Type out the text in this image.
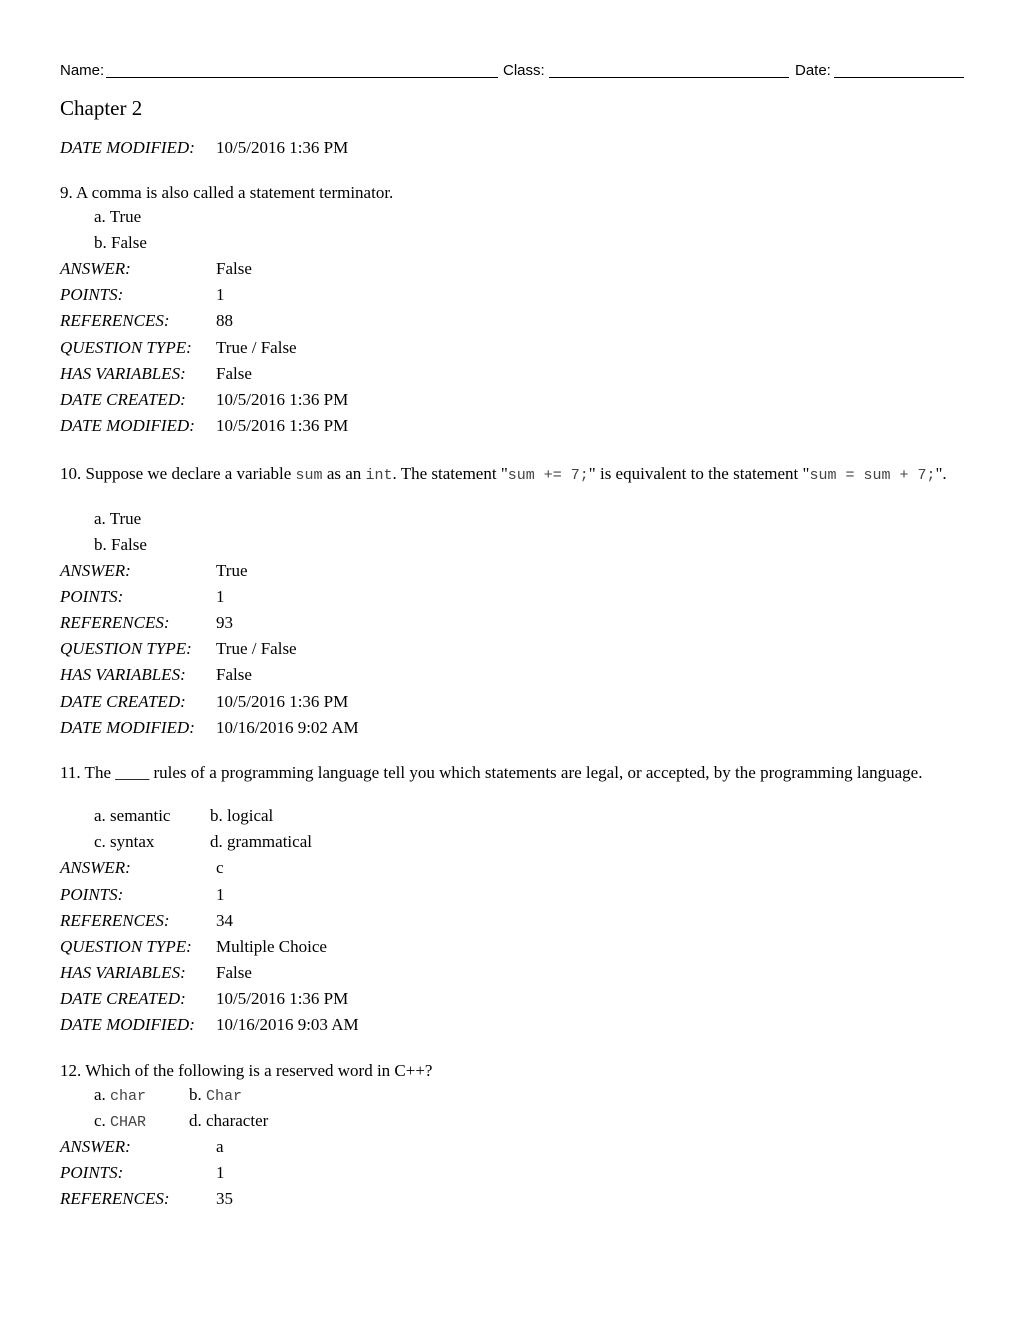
Name:	Class:	Date:
Chapter 2
DATE MODIFIED: 10/5/2016 1:36 PM
9. A comma is also called a statement terminator.
a. True
b. False
ANSWER:	False
POINTS:	1
REFERENCES:	88
QUESTION TYPE: True / False
HAS VARIABLES: False
DATE CREATED: 10/5/2016 1:36 PM
DATE MODIFIED: 10/5/2016 1:36 PM
10. Suppose we declare a variable sum as an int. The statement "sum += 7;" is equivalent to the statement "sum = sum + 7;".
a. True
b. False
ANSWER:	True
POINTS:	1
REFERENCES:	93
QUESTION TYPE: True / False
HAS VARIABLES: False
DATE CREATED: 10/5/2016 1:36 PM
DATE MODIFIED: 10/16/2016 9:02 AM
11. The ____ rules of a programming language tell you which statements are legal, or accepted, by the programming language.
a. semantic b. logical
c. syntax	d. grammatical
ANSWER:	c
POINTS:	1
REFERENCES:	34
QUESTION TYPE: Multiple Choice
HAS VARIABLES: False
DATE CREATED: 10/5/2016 1:36 PM
DATE MODIFIED: 10/16/2016 9:03 AM
12. Which of the following is a reserved word in C++?
a. char	b. Char
c. CHAR	d. character
ANSWER:	a
POINTS:	1
REFERENCES:	35
